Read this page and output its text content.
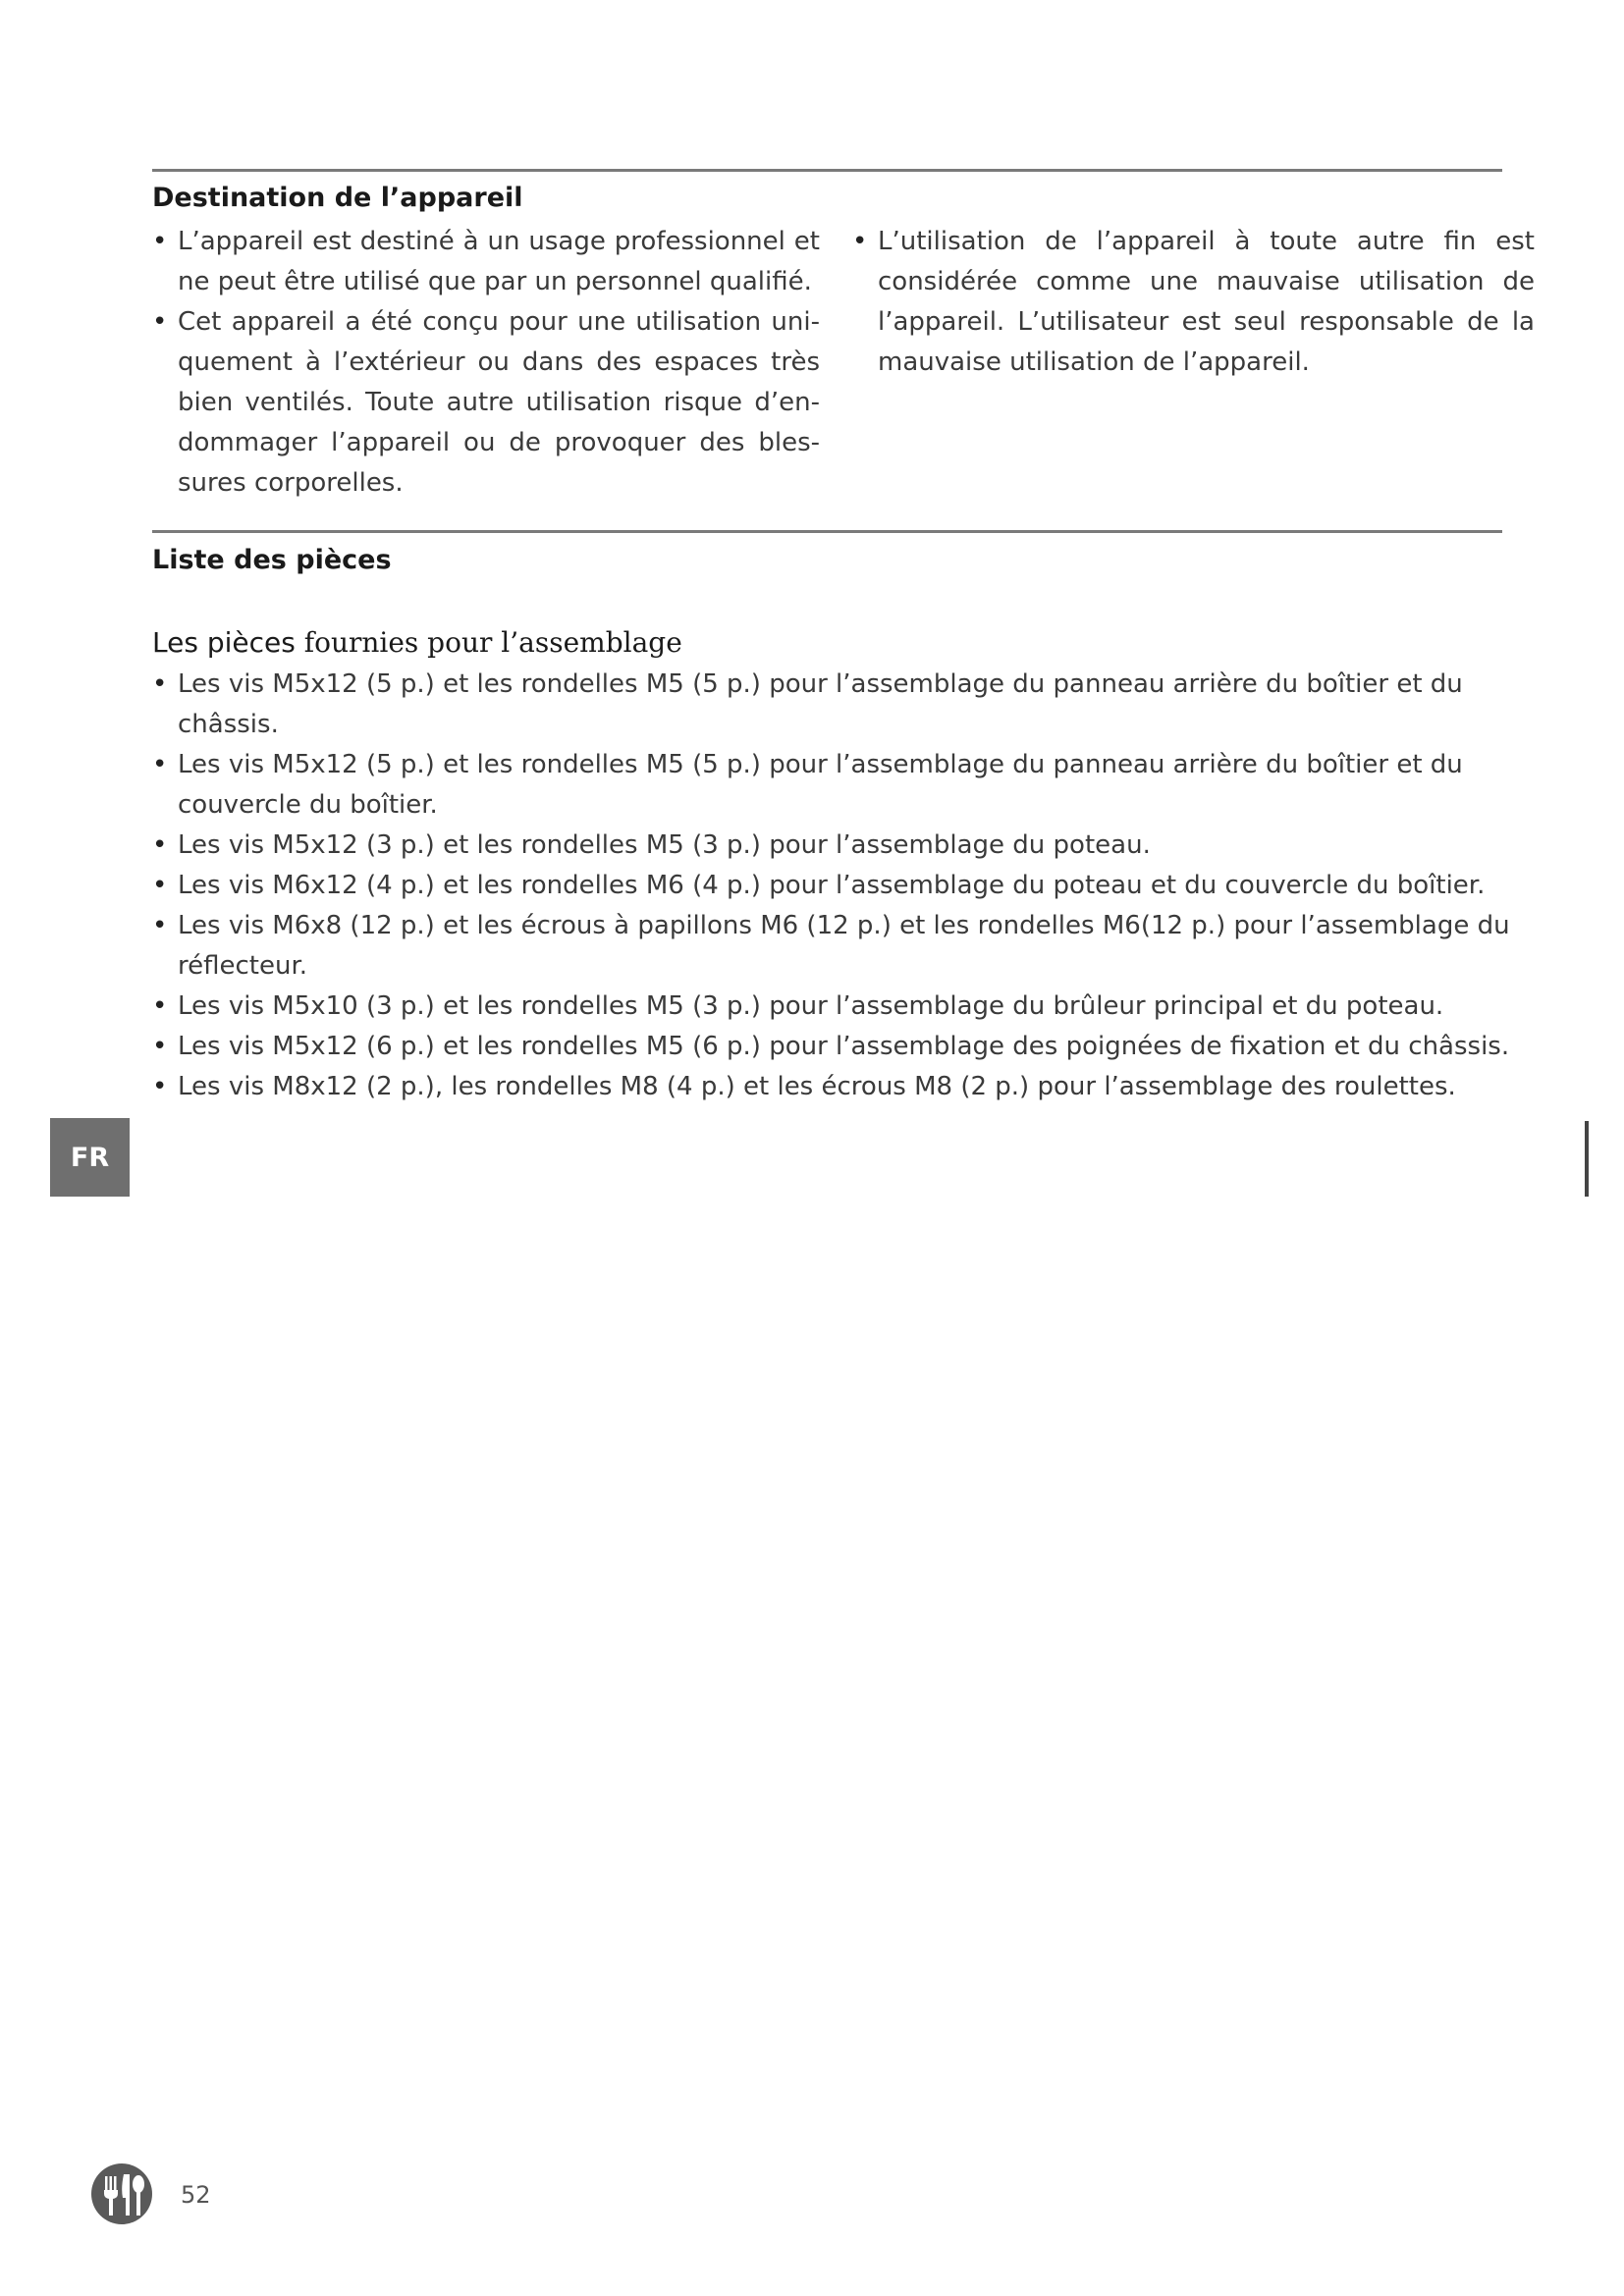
Destination de l’appareil
• L’appareil est destiné à un usage professionnel et ne peut être utilisé que par un personnel qualifié.
• Cet appareil a été conçu pour une utilisation uni-quement à l’extérieur ou dans des espaces très bien ventilés. Toute autre utilisation risque d’en-dommager l’appareil ou de provoquer des bles-sures corporelles.
• L’utilisation de l’appareil à toute autre fin est considérée comme une mauvaise utilisation de l’appareil. L’utilisateur est seul responsable de la mauvaise utilisation de l’appareil.
Liste des pièces

Les pièces fournies pour l’assemblage

• Les vis M5x12 (5 p.) et les rondelles M5 (5 p.) pour l’assemblage du panneau arrière du boîtier et du châssis.
• Les vis M5x12 (5 p.) et les rondelles M5 (5 p.) pour l’assemblage du panneau arrière du boîtier et du couvercle du boîtier.
• Les vis M5x12 (3 p.) et les rondelles M5 (3 p.) pour l’assemblage du poteau.
• Les vis M6x12 (4 p.) et les rondelles M6 (4 p.) pour l’assemblage du poteau et du couvercle du boîtier.
• Les vis M6x8 (12 p.) et les écrous à papillons M6 (12 p.) et les rondelles M6(12 p.) pour l’assemblage du réflecteur.
• Les vis M5x10 (3 p.) et les rondelles M5 (3 p.) pour l’assemblage du brûleur principal et du poteau.
• Les vis M5x12 (6 p.) et les rondelles M5 (6 p.) pour l’assemblage des poignées de fixation et du châssis.
• Les vis M8x12 (2 p.), les rondelles M8 (4 p.) et les écrous M8 (2 p.) pour l’assemblage des roulettes.
FR
52
